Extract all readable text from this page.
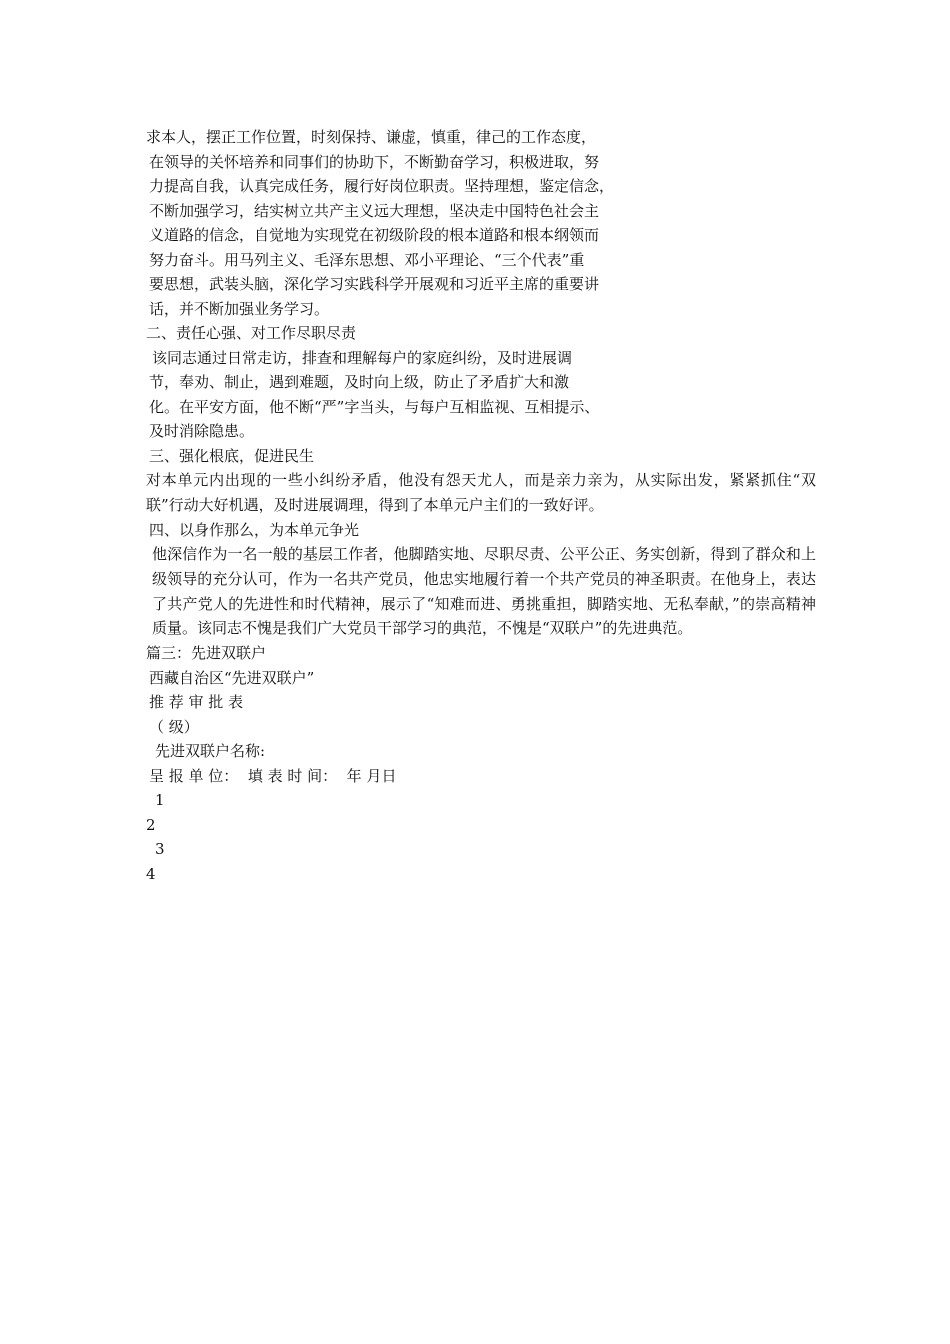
求本人，摆正工作位置，时刻保持、谦虚，慎重，律己的工作态度，
在领导的关怀培养和同事们的协助下，不断勤奋学习，积极进取，努
力提高自我，认真完成任务，履行好岗位职责。坚持理想，鉴定信念，
不断加强学习，结实树立共产主义远大理想，坚决走中国特色社会主
义道路的信念，自觉地为实现党在初级阶段的根本道路和根本纲领而
努力奋斗。用马列主义、毛泽东思想、邓小平理论、“三个代表”重
要思想，武装头脑，深化学习实践科学开展观和习近平主席的重要讲
话，并不断加强业务学习。
二、责任心强、对工作尽职尽责
该同志通过日常走访，排查和理解每户的家庭纠纷，及时进展调
节，奉劝、制止，遇到难题，及时向上级，防止了矛盾扩大和激
化。在平安方面，他不断“严”字当头，与每户互相监视、互相提示、
及时消除隐患。
三、强化根底，促进民生
对本单元内出现的一些小纠纷矛盾，他没有怨天尤人，而是亲力亲为，从实际出发，紧紧抓住“双联”行动大好机遇，及时进展调理，得到了本单元户主们的一致好评。
四、以身作那么，为本单元争光
他深信作为一名一般的基层工作者，他脚踏实地、尽职尽责、公平公正、务实创新，得到了群众和上级领导的充分认可，作为一名共产党员，他忠实地履行着一个共产党员的神圣职责。在他身上，表达了共产党人的先进性和时代精神，展示了“知难而进、勇挑重担，脚踏实地、无私奉献，”的崇高精神质量。该同志不愧是我们广大党员干部学习的典范，不愧是“双联户”的先进典范。
篇三：先进双联户
西藏自治区“先进双联户”
推 荐 审 批 表
（ 级）
先进双联户名称:
呈 报 单 位：  填 表 时 间：  年 月日
1
2
3
4
